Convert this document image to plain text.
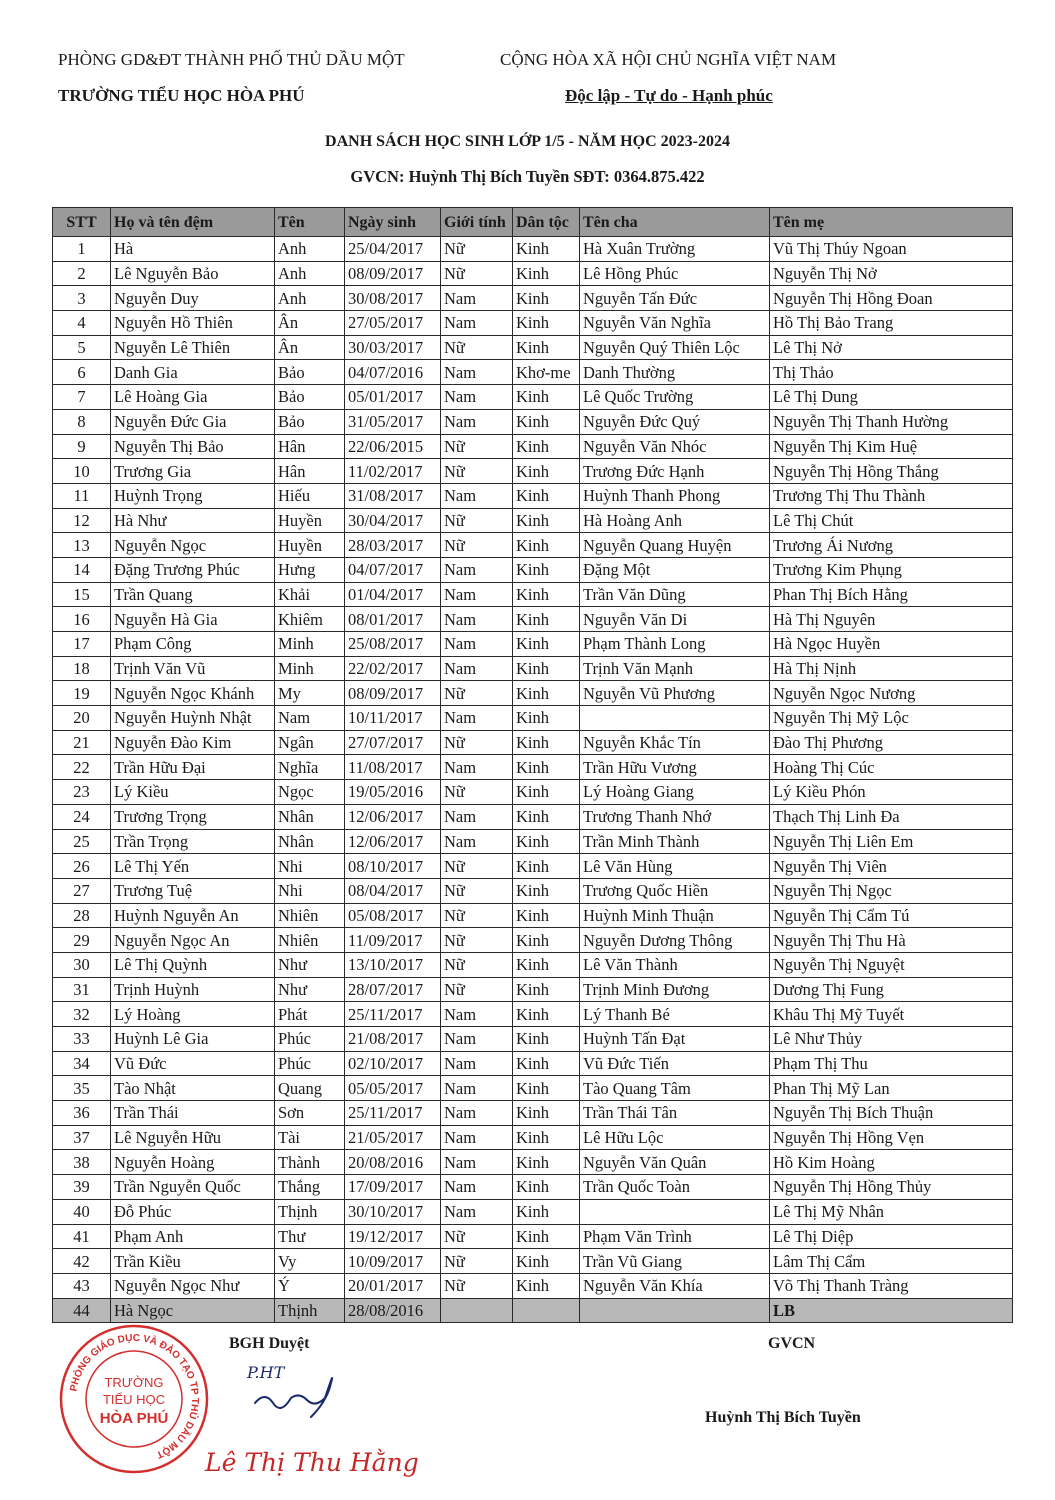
PHÒNG GD&ĐT THÀNH PHỐ THỦ DẦU MỘT
TRƯỜNG TIỂU HỌC HÒA PHÚ
CỘNG HÒA XÃ HỘI CHỦ NGHĨA VIỆT NAM
Độc lập - Tự do - Hạnh phúc
DANH SÁCH HỌC SINH LỚP 1/5 - NĂM HỌC 2023-2024
GVCN: Huỳnh Thị Bích Tuyền SĐT: 0364.875.422
STT	Họ và tên đệm	Tên	Ngày sinh	Giới tính	Dân tộc	Tên cha	Tên mẹ
1	Hà	Anh	25/04/2017	Nữ	Kinh	Hà Xuân Trường	Vũ Thị Thúy Ngoan
2	Lê Nguyễn Bảo	Anh	08/09/2017	Nữ	Kinh	Lê Hồng Phúc	Nguyễn Thị Nở
3	Nguyễn Duy	Anh	30/08/2017	Nam	Kinh	Nguyễn Tấn Đức	Nguyễn Thị Hồng Đoan
4	Nguyễn Hồ Thiên	Ân	27/05/2017	Nam	Kinh	Nguyễn Văn Nghĩa	Hồ Thị Bảo Trang
5	Nguyễn Lê Thiên	Ân	30/03/2017	Nữ	Kinh	Nguyễn Quý Thiên Lộc	Lê Thị Nở
6	Danh Gia	Bảo	04/07/2016	Nam	Khơ-me	Danh Thường	Thị Thảo
7	Lê Hoàng Gia	Bảo	05/01/2017	Nam	Kinh	Lê Quốc Trường	Lê Thị Dung
8	Nguyễn Đức Gia	Bảo	31/05/2017	Nam	Kinh	Nguyễn Đức Quý	Nguyễn Thị Thanh Hường
9	Nguyễn Thị Bảo	Hân	22/06/2015	Nữ	Kinh	Nguyễn Văn Nhóc	Nguyễn Thị Kim Huệ
10	Trương Gia	Hân	11/02/2017	Nữ	Kinh	Trương Đức Hạnh	Nguyễn Thị Hồng Thắng
11	Huỳnh Trọng	Hiếu	31/08/2017	Nam	Kinh	Huỳnh Thanh Phong	Trương Thị Thu Thành
12	Hà Như	Huyền	30/04/2017	Nữ	Kinh	Hà Hoàng Anh	Lê Thị Chút
13	Nguyễn Ngọc	Huyền	28/03/2017	Nữ	Kinh	Nguyễn Quang Huyện	Trương Ái Nương
14	Đặng Trương Phúc	Hưng	04/07/2017	Nam	Kinh	Đặng Một	Trương Kim Phụng
15	Trần Quang	Khải	01/04/2017	Nam	Kinh	Trần Văn Dũng	Phan Thị Bích Hằng
16	Nguyễn Hà Gia	Khiêm	08/01/2017	Nam	Kinh	Nguyễn Văn Di	Hà Thị Nguyên
17	Phạm Công	Minh	25/08/2017	Nam	Kinh	Phạm Thành Long	Hà Ngọc Huyền
18	Trịnh Văn Vũ	Minh	22/02/2017	Nam	Kinh	Trịnh Văn Mạnh	Hà Thị Nịnh
19	Nguyễn Ngọc Khánh	My	08/09/2017	Nữ	Kinh	Nguyễn Vũ Phương	Nguyễn Ngọc Nương
20	Nguyễn Huỳnh Nhật	Nam	10/11/2017	Nam	Kinh		Nguyễn Thị Mỹ Lộc
21	Nguyễn Đào Kim	Ngân	27/07/2017	Nữ	Kinh	Nguyễn Khắc Tín	Đào Thị Phương
22	Trần Hữu Đại	Nghĩa	11/08/2017	Nam	Kinh	Trần Hữu Vương	Hoàng Thị Cúc
23	Lý Kiều	Ngọc	19/05/2016	Nữ	Kinh	Lý Hoàng Giang	Lý Kiều Phón
24	Trương Trọng	Nhân	12/06/2017	Nam	Kinh	Trương Thanh Nhớ	Thạch Thị Linh Đa
25	Trần Trọng	Nhân	12/06/2017	Nam	Kinh	Trần Minh Thành	Nguyễn Thị Liên Em
26	Lê Thị Yến	Nhi	08/10/2017	Nữ	Kinh	Lê Văn Hùng	Nguyễn Thị Viên
27	Trương Tuệ	Nhi	08/04/2017	Nữ	Kinh	Trương Quốc Hiền	Nguyễn Thị Ngọc
28	Huỳnh Nguyễn An	Nhiên	05/08/2017	Nữ	Kinh	Huỳnh Minh Thuận	Nguyễn Thị Cẩm Tú
29	Nguyễn Ngọc An	Nhiên	11/09/2017	Nữ	Kinh	Nguyễn Dương Thông	Nguyễn Thị Thu Hà
30	Lê Thị Quỳnh	Như	13/10/2017	Nữ	Kinh	Lê Văn Thành	Nguyễn Thị Nguyệt
31	Trịnh Huỳnh	Như	28/07/2017	Nữ	Kinh	Trịnh Minh Đương	Dương Thị Fung
32	Lý Hoàng	Phát	25/11/2017	Nam	Kinh	Lý Thanh Bé	Khâu Thị Mỹ Tuyết
33	Huỳnh Lê Gia	Phúc	21/08/2017	Nam	Kinh	Huỳnh Tấn Đạt	Lê Như Thủy
34	Vũ Đức	Phúc	02/10/2017	Nam	Kinh	Vũ Đức Tiến	Phạm Thị Thu
35	Tào Nhật	Quang	05/05/2017	Nam	Kinh	Tào Quang Tâm	Phan Thị Mỹ Lan
36	Trần Thái	Sơn	25/11/2017	Nam	Kinh	Trần Thái Tân	Nguyễn Thị Bích Thuận
37	Lê Nguyễn Hữu	Tài	21/05/2017	Nam	Kinh	Lê Hữu Lộc	Nguyễn Thị Hồng Vẹn
38	Nguyễn Hoàng	Thành	20/08/2016	Nam	Kinh	Nguyễn Văn Quân	Hồ Kim Hoàng
39	Trần Nguyễn Quốc	Thắng	17/09/2017	Nam	Kinh	Trần Quốc Toàn	Nguyễn Thị Hồng Thủy
40	Đỗ Phúc	Thịnh	30/10/2017	Nam	Kinh		Lê Thị Mỹ Nhân
41	Phạm Anh	Thư	19/12/2017	Nữ	Kinh	Phạm Văn Trình	Lê Thị Diệp
42	Trần Kiều	Vy	10/09/2017	Nữ	Kinh	Trần Vũ Giang	Lâm Thị Cẩm
43	Nguyễn Ngọc Như	Ý	20/01/2017	Nữ	Kinh	Nguyễn Văn Khía	Võ Thị Thanh Tràng
44	Hà Ngọc	Thịnh	28/08/2016				LB
BGH Duyệt	GVCN
Huỳnh Thị Bích Tuyền
PHÒNG GIÁO DỤC VÀ ĐÀO TẠO TP THỦ DẦU MỘT
TRƯỜNG
TIỂU HỌC
HÒA PHÚ
P.HT
Lê Thị Thu Hằng
